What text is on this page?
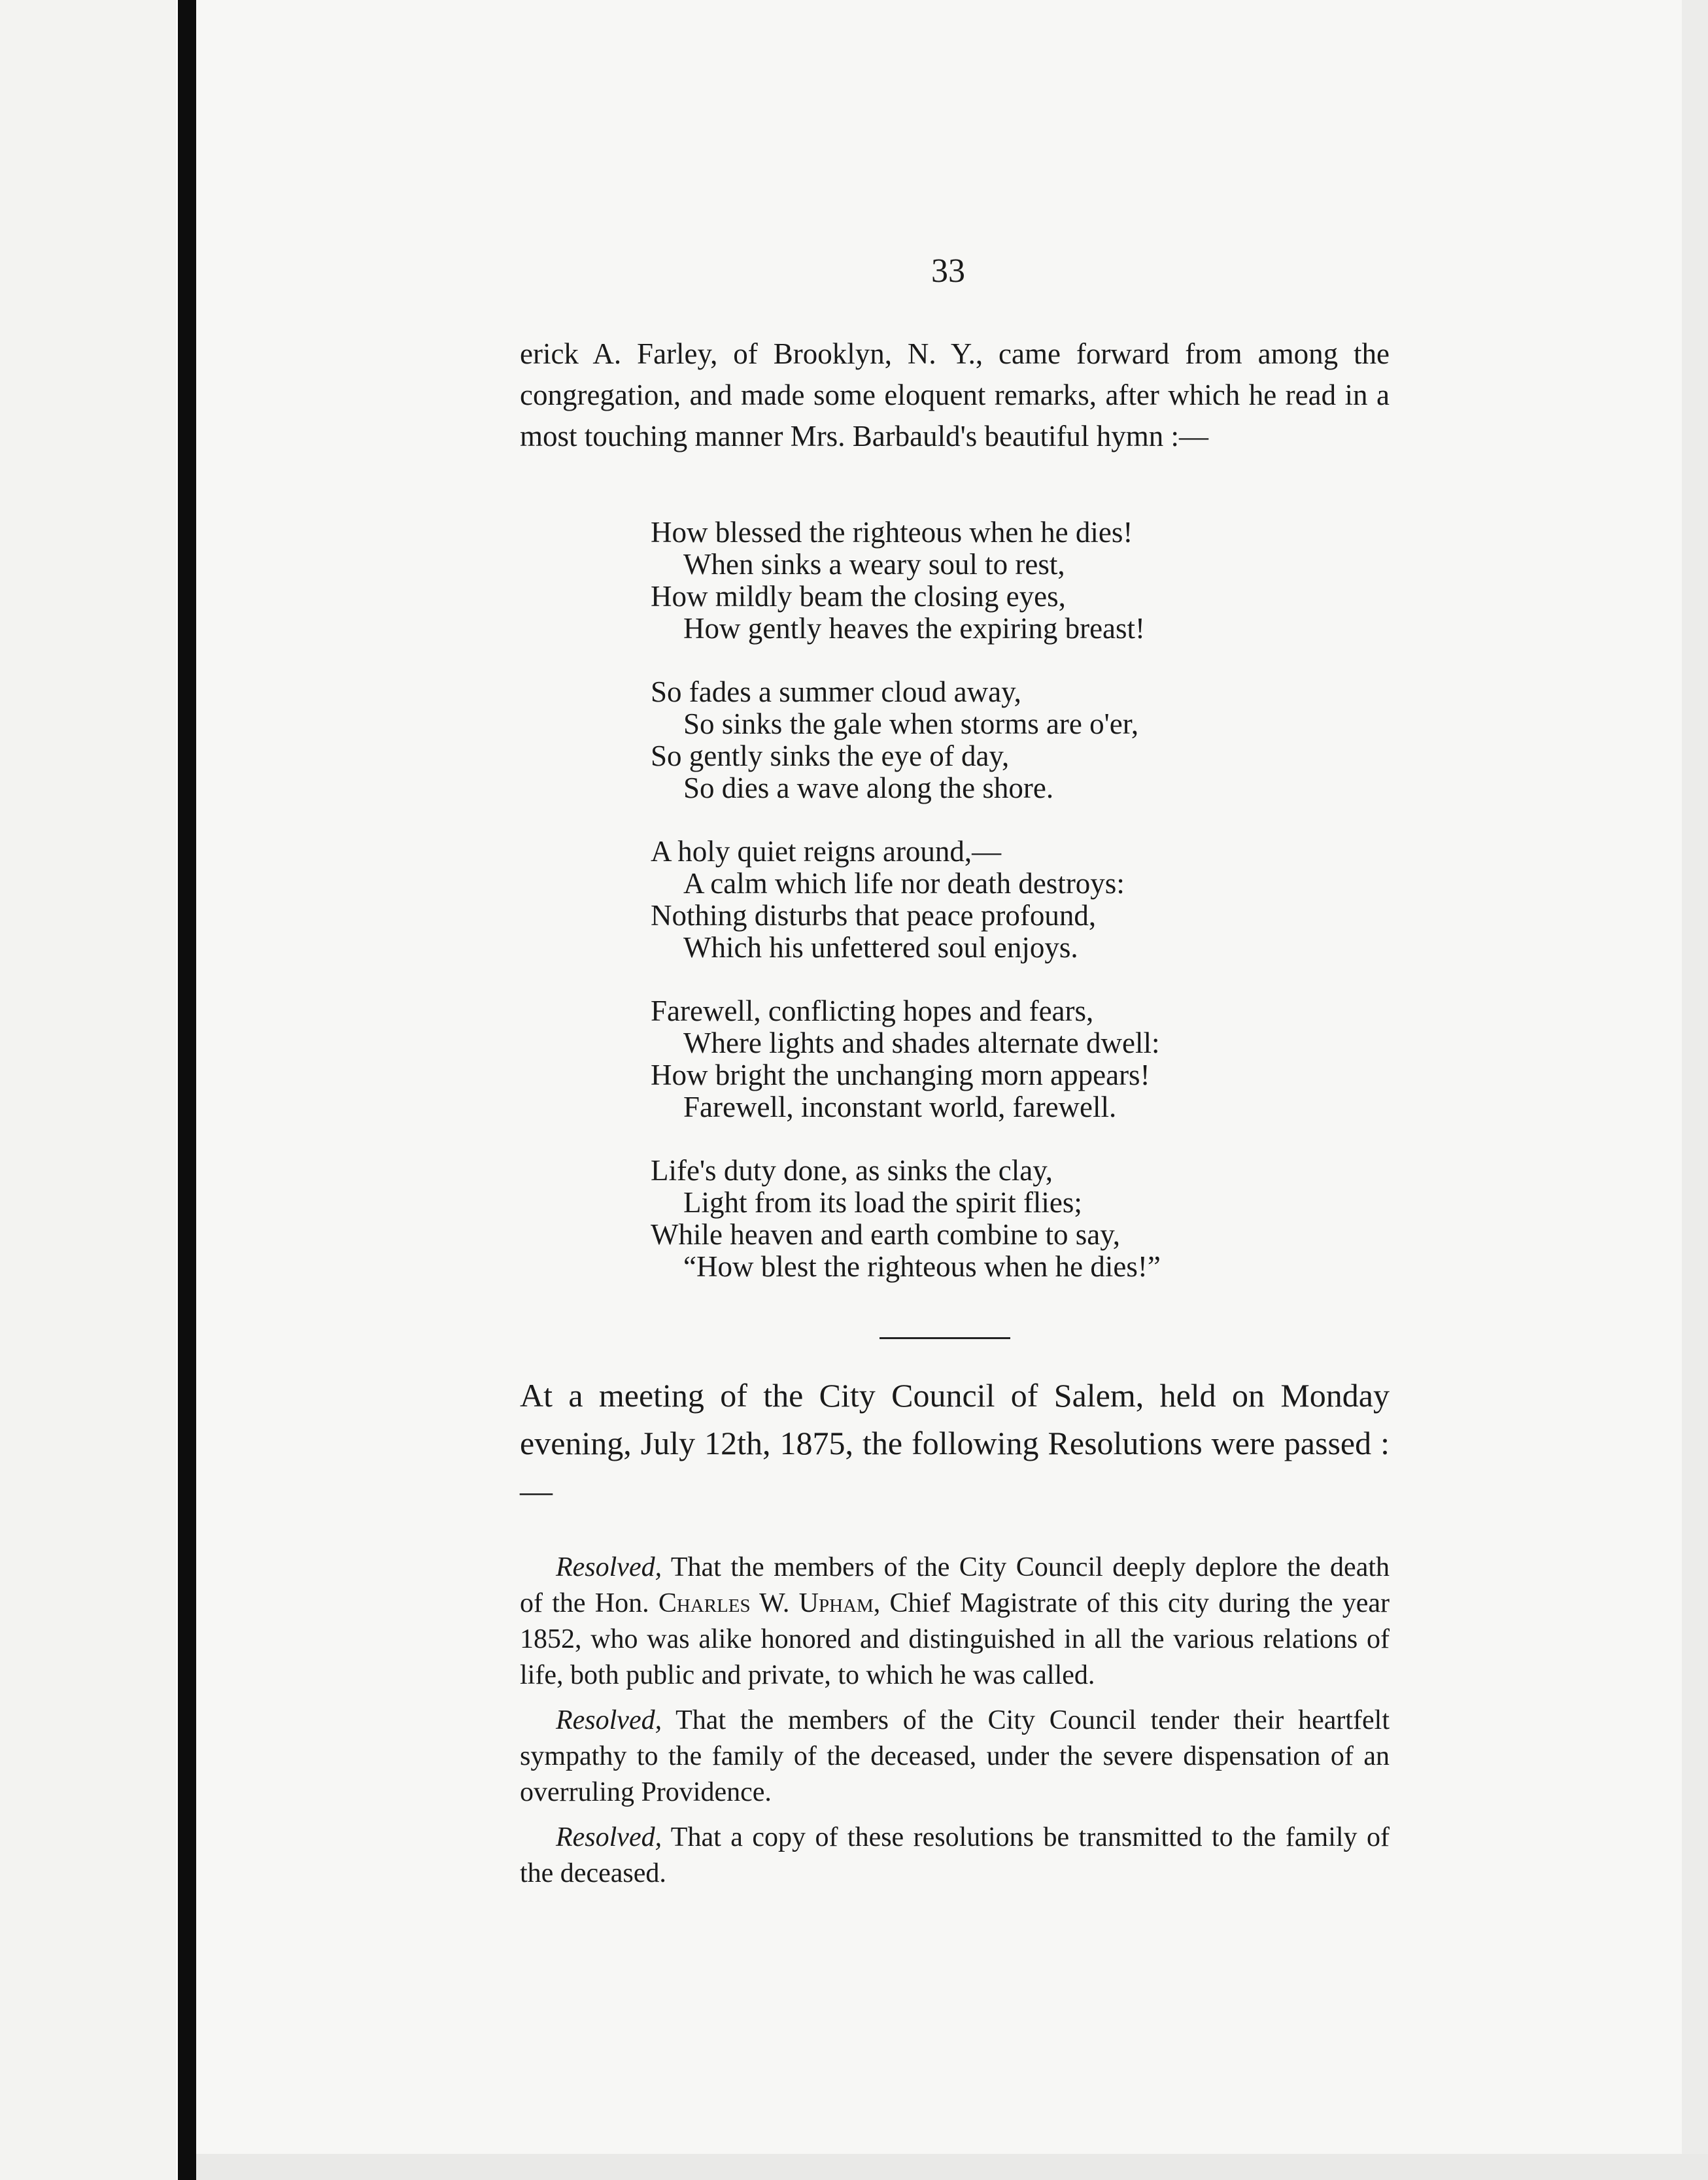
33

erick A. Farley, of Brooklyn, N. Y., came forward from among the congregation, and made some eloquent remarks, after which he read in a most touching manner Mrs. Barbauld's beautiful hymn :—

How blessed the righteous when he dies!
When sinks a weary soul to rest,
How mildly beam the closing eyes,
How gently heaves the expiring breast!
So fades a summer cloud away,
So sinks the gale when storms are o'er,
So gently sinks the eye of day,
So dies a wave along the shore.
A holy quiet reigns around,—
A calm which life nor death destroys:
Nothing disturbs that peace profound,
Which his unfettered soul enjoys.
Farewell, conflicting hopes and fears,
Where lights and shades alternate dwell:
How bright the unchanging morn appears!
Farewell, inconstant world, farewell.
Life's duty done, as sinks the clay,
Light from its load the spirit flies;
While heaven and earth combine to say,
“How blest the righteous when he dies!”

At a meeting of the City Council of Salem, held on Monday evening, July 12th, 1875, the following Resolutions were passed :—

Resolved, That the members of the City Council deeply deplore the death of the Hon. Charles W. Upham, Chief Magistrate of this city during the year 1852, who was alike honored and distinguished in all the various relations of life, both public and private, to which he was called.

Resolved, That the members of the City Council tender their heartfelt sympathy to the family of the deceased, under the severe dispensation of an overruling Providence.

Resolved, That a copy of these resolutions be transmitted to the family of the deceased.
